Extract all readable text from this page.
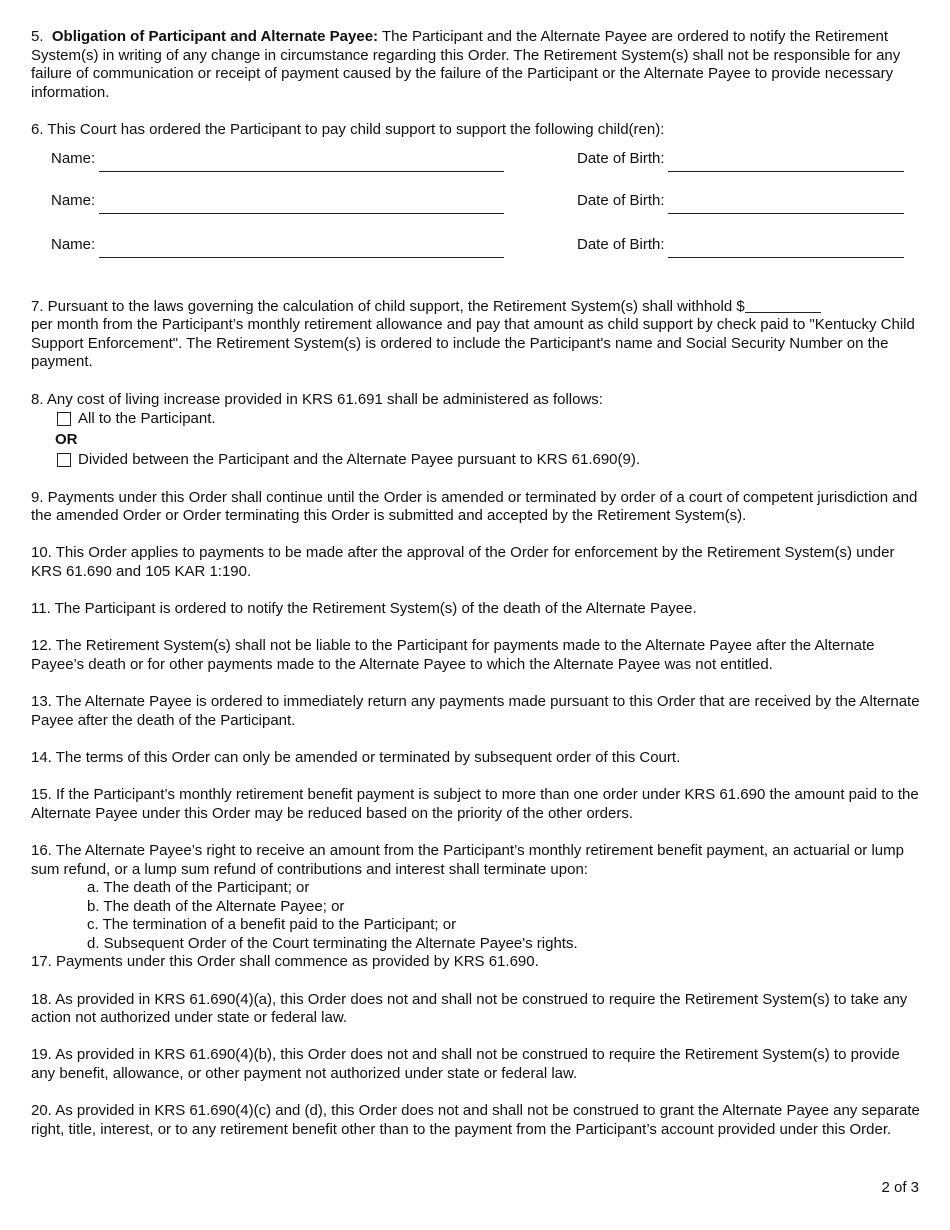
5. Obligation of Participant and Alternate Payee: The Participant and the Alternate Payee are ordered to notify the Retirement System(s) in writing of any change in circumstance regarding this Order. The Retirement System(s) shall not be responsible for any failure of communication or receipt of payment caused by the failure of the Participant or the Alternate Payee to provide necessary information.

6. This Court has ordered the Participant to pay child support to support the following child(ren):

Name:	Date of Birth:
Name:	Date of Birth:
Name:	Date of Birth:

7. Pursuant to the laws governing the calculation of child support, the Retirement System(s) shall withhold $
per month from the Participant’s monthly retirement allowance and pay that amount as child support by check paid to "Kentucky Child Support Enforcement". The Retirement System(s) is ordered to include the Participant's name and Social Security Number on the payment.

8. Any cost of living increase provided in KRS 61.691 shall be administered as follows:

All to the Participant.
OR
Divided between the Participant and the Alternate Payee pursuant to KRS 61.690(9).

9. Payments under this Order shall continue until the Order is amended or terminated by order of a court of competent jurisdiction and the amended Order or Order terminating this Order is submitted and accepted by the Retirement System(s).

10. This Order applies to payments to be made after the approval of the Order for enforcement by the Retirement System(s) under KRS 61.690 and 105 KAR 1:190.

11. The Participant is ordered to notify the Retirement System(s) of the death of the Alternate Payee.

12. The Retirement System(s) shall not be liable to the Participant for payments made to the Alternate Payee after the Alternate Payee’s death or for other payments made to the Alternate Payee to which the Alternate Payee was not entitled.

13. The Alternate Payee is ordered to immediately return any payments made pursuant to this Order that are received by the Alternate Payee after the death of the Participant.

14. The terms of this Order can only be amended or terminated by subsequent order of this Court.

15. If the Participant’s monthly retirement benefit payment is subject to more than one order under KRS 61.690 the amount paid to the Alternate Payee under this Order may be reduced based on the priority of the other orders.

16. The Alternate Payee’s right to receive an amount from the Participant’s monthly retirement benefit payment, an actuarial or lump sum refund, or a lump sum refund of contributions and interest shall terminate upon:

a. The death of the Participant; or
b. The death of the Alternate Payee; or
c. The termination of a benefit paid to the Participant; or
d. Subsequent Order of the Court terminating the Alternate Payee's rights.

17. Payments under this Order shall commence as provided by KRS 61.690.

18. As provided in KRS 61.690(4)(a), this Order does not and shall not be construed to require the Retirement System(s) to take any action not authorized under state or federal law.

19. As provided in KRS 61.690(4)(b), this Order does not and shall not be construed to require the Retirement System(s) to provide any benefit, allowance, or other payment not authorized under state or federal law.

20. As provided in KRS 61.690(4)(c) and (d), this Order does not and shall not be construed to grant the Alternate Payee any separate right, title, interest, or to any retirement benefit other than to the payment from the Participant’s account provided under this Order.

2 of 3
